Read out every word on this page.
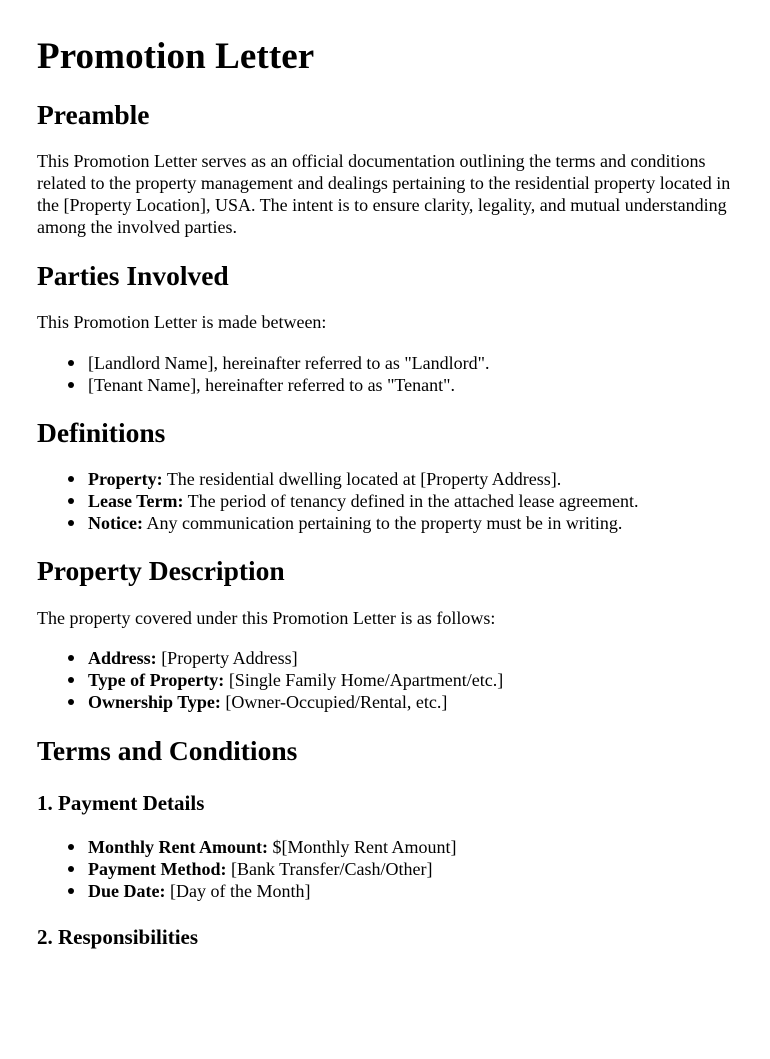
Promotion Letter
Preamble

This Promotion Letter serves as an official documentation outlining the terms and conditions related to the property management and dealings pertaining to the residential property located in the [Property Location], USA. The intent is to ensure clarity, legality, and mutual understanding among the involved parties.

Parties Involved

This Promotion Letter is made between:

[Landlord Name], hereinafter referred to as "Landlord".
[Tenant Name], hereinafter referred to as "Tenant".
Definitions
Property: The residential dwelling located at [Property Address].
Lease Term: The period of tenancy defined in the attached lease agreement.
Notice: Any communication pertaining to the property must be in writing.
Property Description

The property covered under this Promotion Letter is as follows:

Address: [Property Address]
Type of Property: [Single Family Home/Apartment/etc.]
Ownership Type: [Owner-Occupied/Rental, etc.]
Terms and Conditions
1. Payment Details
Monthly Rent Amount: $[Monthly Rent Amount]
Payment Method: [Bank Transfer/Cash/Other]
Due Date: [Day of the Month]
2. Responsibilities
